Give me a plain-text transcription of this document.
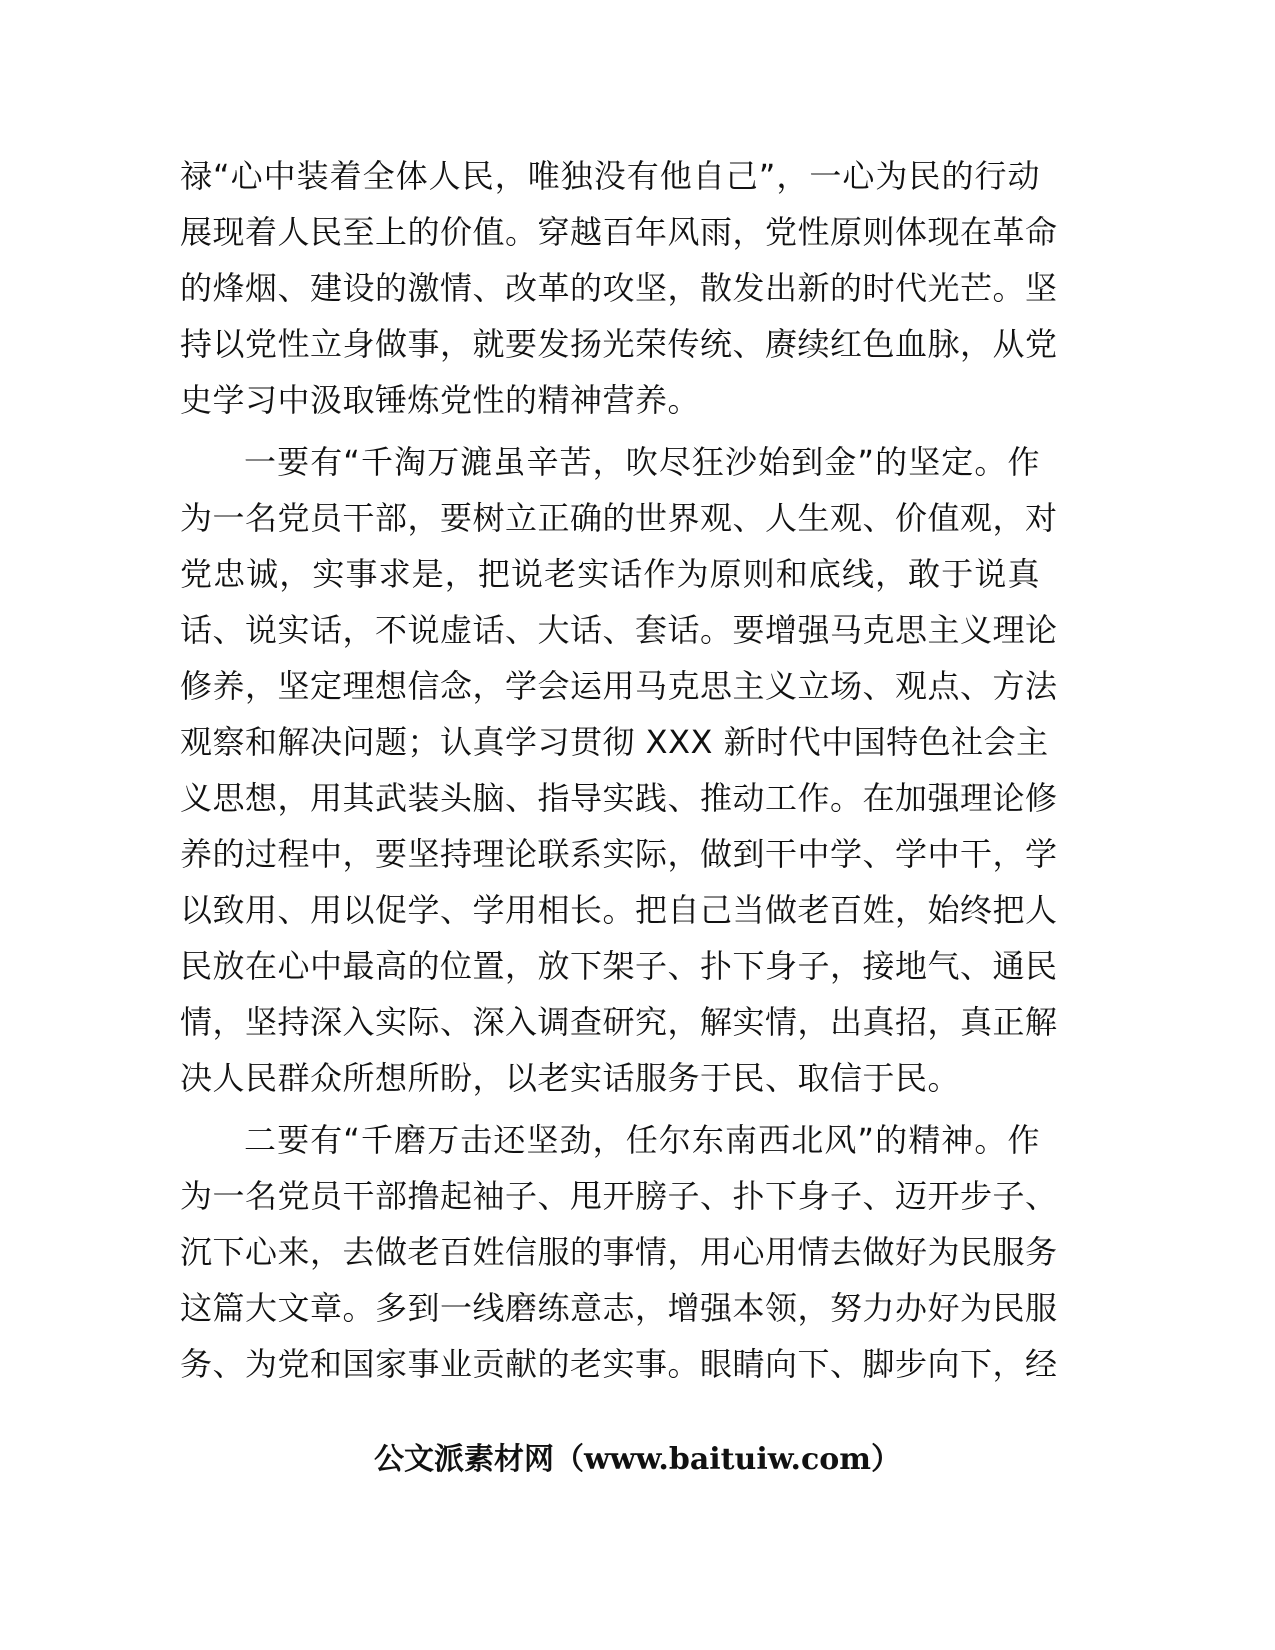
禄“心中装着全体人民，唯独没有他自己”，一心为民的行动
展现着人民至上的价值。穿越百年风雨，党性原则体现在革命
的烽烟、建设的激情、改革的攻坚，散发出新的时代光芒。坚
持以党性立身做事，就要发扬光荣传统、赓续红色血脉，从党
史学习中汲取锤炼党性的精神营养。
一要有“千淘万漉虽辛苦，吹尽狂沙始到金”的坚定。作
为一名党员干部，要树立正确的世界观、人生观、价值观，对
党忠诚，实事求是，把说老实话作为原则和底线，敢于说真
话、说实话，不说虚话、大话、套话。要增强马克思主义理论
修养，坚定理想信念，学会运用马克思主义立场、观点、方法
观察和解决问题；认真学习贯彻 XXX 新时代中国特色社会主
义思想，用其武装头脑、指导实践、推动工作。在加强理论修
养的过程中，要坚持理论联系实际，做到干中学、学中干，学
以致用、用以促学、学用相长。把自己当做老百姓，始终把人
民放在心中最高的位置，放下架子、扑下身子，接地气、通民
情，坚持深入实际、深入调查研究，解实情，出真招，真正解
决人民群众所想所盼，以老实话服务于民、取信于民。
二要有“千磨万击还坚劲，任尔东南西北风”的精神。作
为一名党员干部撸起袖子、甩开膀子、扑下身子、迈开步子、
沉下心来，去做老百姓信服的事情，用心用情去做好为民服务
这篇大文章。多到一线磨练意志，增强本领，努力办好为民服
务、为党和国家事业贡献的老实事。眼睛向下、脚步向下，经
公文派素材网（www.baituiw.com）
